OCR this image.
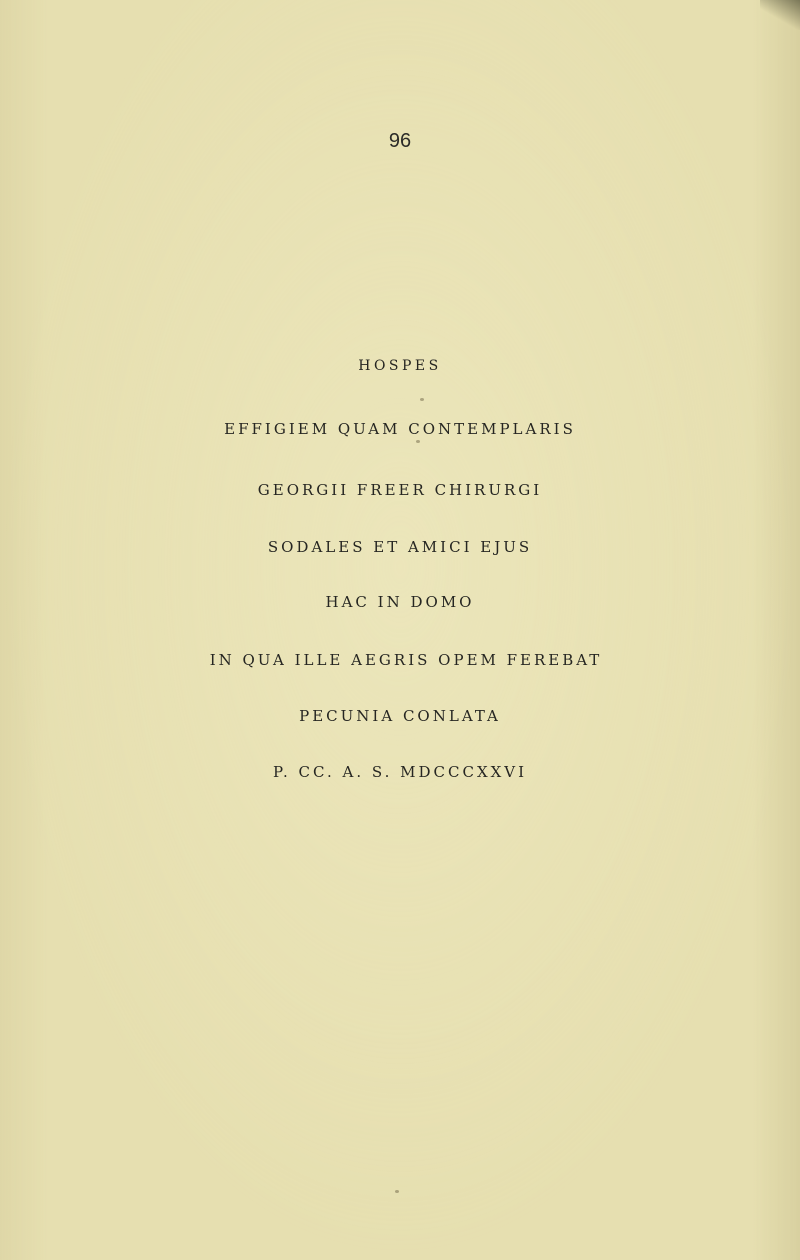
96
HOSPES
EFFIGIEM QUAM CONTEMPLARIS
GEORGII FREER CHIRURGI
SODALES ET AMICI EJUS
HAC IN DOMO
IN QUA ILLE AEGRIS OPEM FEREBAT
PECUNIA CONLATA
P. CC. A. S. MDCCCXXVI
